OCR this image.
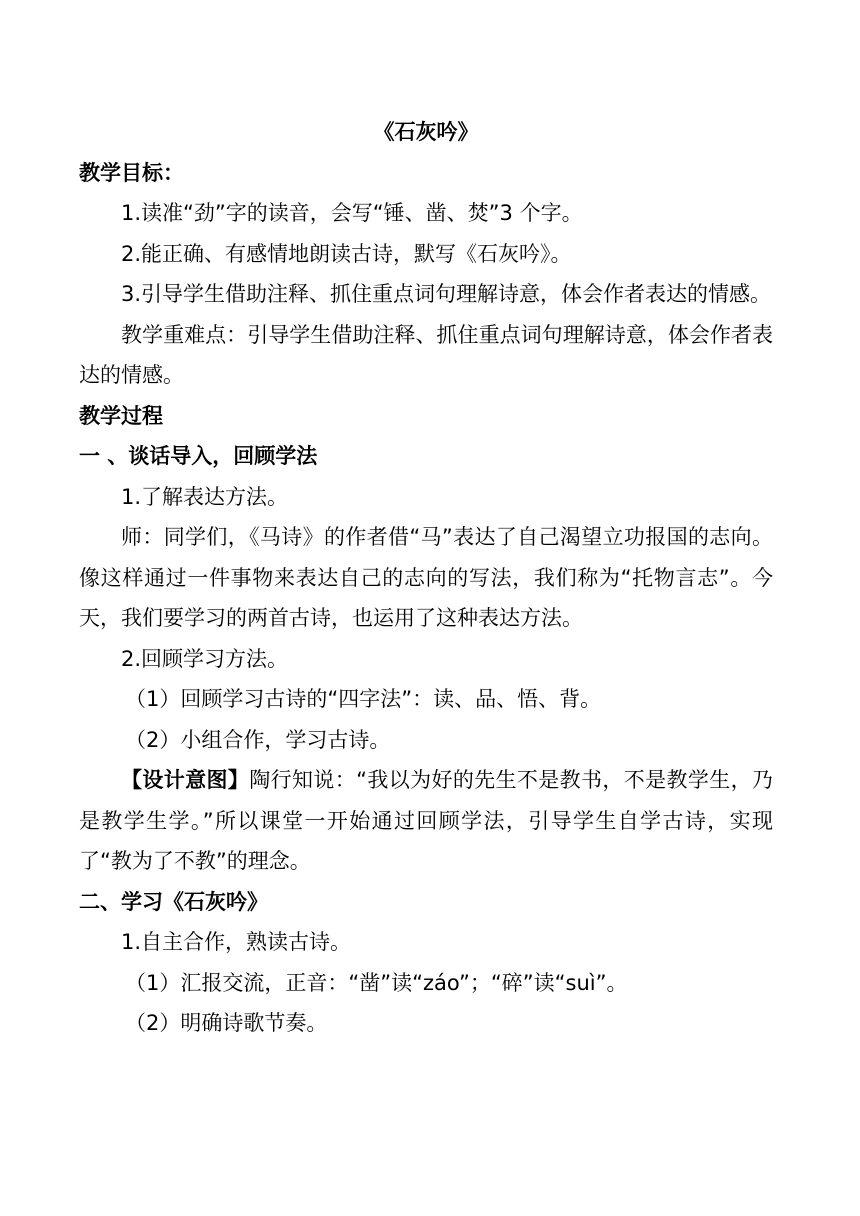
《石灰吟》

教学目标：

1.读准“劲”字的读音，会写“锤、凿、焚”3 个字。

2.能正确、有感情地朗读古诗，默写《石灰吟》。

3.引导学生借助注释、抓住重点词句理解诗意，体会作者表达的情感。

教学重难点：引导学生借助注释、抓住重点词句理解诗意，体会作者表达的情感。

教学过程

一 、谈话导入，回顾学法

1.了解表达方法。

师：同学们，《马诗》的作者借“马”表达了自己渴望立功报国的志向。像这样通过一件事物来表达自己的志向的写法，我们称为“托物言志”。今天，我们要学习的两首古诗，也运用了这种表达方法。

2.回顾学习方法。

（1）回顾学习古诗的“四字法”：读、品、悟、背。

（2）小组合作，学习古诗。

【设计意图】陶行知说：“我以为好的先生不是教书，不是教学生，乃是教学生学。”所以课堂一开始通过回顾学法，引导学生自学古诗，实现了“教为了不教”的理念。

二、学习《石灰吟》

1.自主合作，熟读古诗。

（1）汇报交流，正音：“凿”读“záo”；“碎”读“suì”。

（2）明确诗歌节奏。
